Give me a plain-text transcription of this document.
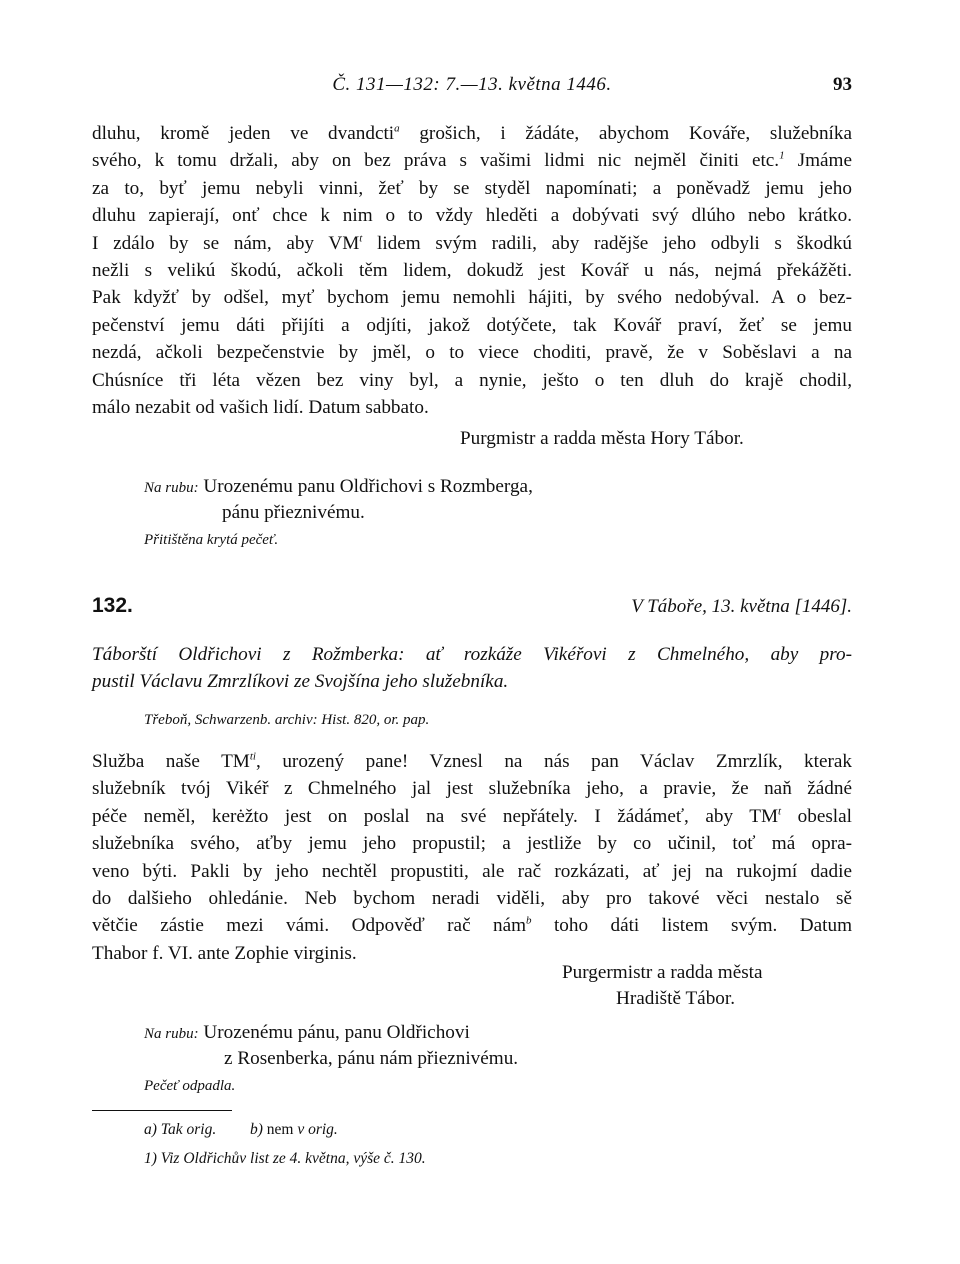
Č. 131—132: 7.—13. května 1446.	93
dluhu, kromě jeden ve dvandcti$^a$ grošich, i žádáte, abychom Kováře, služebníka
svého, k tomu držali, aby on bez práva s vašimi lidmi nic nejměl činiti etc.$^1$ Jmáme
za to, byť jemu nebyli vinni, žeť by se styděl napomínati; a poněvadž jemu jeho
dluhu zapierají, onť chce k nim o to vždy hleděti a dobývati svý dlúho nebo krátko.
I zdálo by se nám, aby $VM^t$ lidem svým radili, aby radějše jeho odbyli s škodkú
nežli s velikú škodú, ačkoli těm lidem, dokudž jest Kovář u nás, nejmá překážěti.
Pak kdyžť by odšel, myť bychom jemu nemohli hájiti, by svého nedobýval. A o bez-
pečenství jemu dáti přijíti a odjíti, jakož dotýčete, tak Kovář praví, žeť se jemu
nezdá, ačkoli bezpečenstvie by jměl, o to viece choditi, pravě, že v Soběslavi a na
Chúsníce tři léta vězen bez viny byl, a nynie, ješto o ten dluh do krajě chodil,
málo nezabit od vašich lidí. Datum sabbato.
Purgmistr a radda města Hory Tábor.
Na rubu: Urozenému panu Oldřichovi s Rozmberga,
pánu přieznivému.
Přitištěna krytá pečeť.
132.	V Táboře, 13. května [1446].
Táborští Oldřichovi z Rožmberka: ať rozkáže Vikéřovi z Chmelného, aby pro-
pustil Václavu Zmrzlíkovi ze Svojšína jeho služebníka.
Třeboň, Schwarzenb. archiv: Hist. 820, or. pap.
Služba naše $TM^{ti}$, urozený pane! Vznesl na nás pan Václav Zmrzlík, kterak
služebník tvój Vikéř z Chmelného jal jest služebníka jeho, a pravie, že naň žádné
péče neměl, kerėžto jest on poslal na své nepřátely. I žádámeť, aby $TM^t$ obeslal
služebníka svého, aťby jemu jeho propustil; a jestliže by co učinil, toť má opra-
veno býti. Pakli by jeho nechtěl propustiti, ale rač rozkázati, ať jej na rukojmí dadie
do dalšieho ohledánie. Neb bychom neradi viděli, aby pro takové věci nestalo sě
větčie zástie mezi vámi. Odpověď rač nám$^b$ toho dáti listem svým. Datum
Thabor f. VI. ante Zophie virginis.
Purgermistr a radda města
Hradiště Tábor.
Na rubu: Urozenému pánu, panu Oldřichovi
z Rosenberka, pánu nám přieznivému.
Pečeť odpadla.
a) Tak orig. b) nem v orig.
1) Viz Oldřichův list ze 4. května, výše č. 130.
